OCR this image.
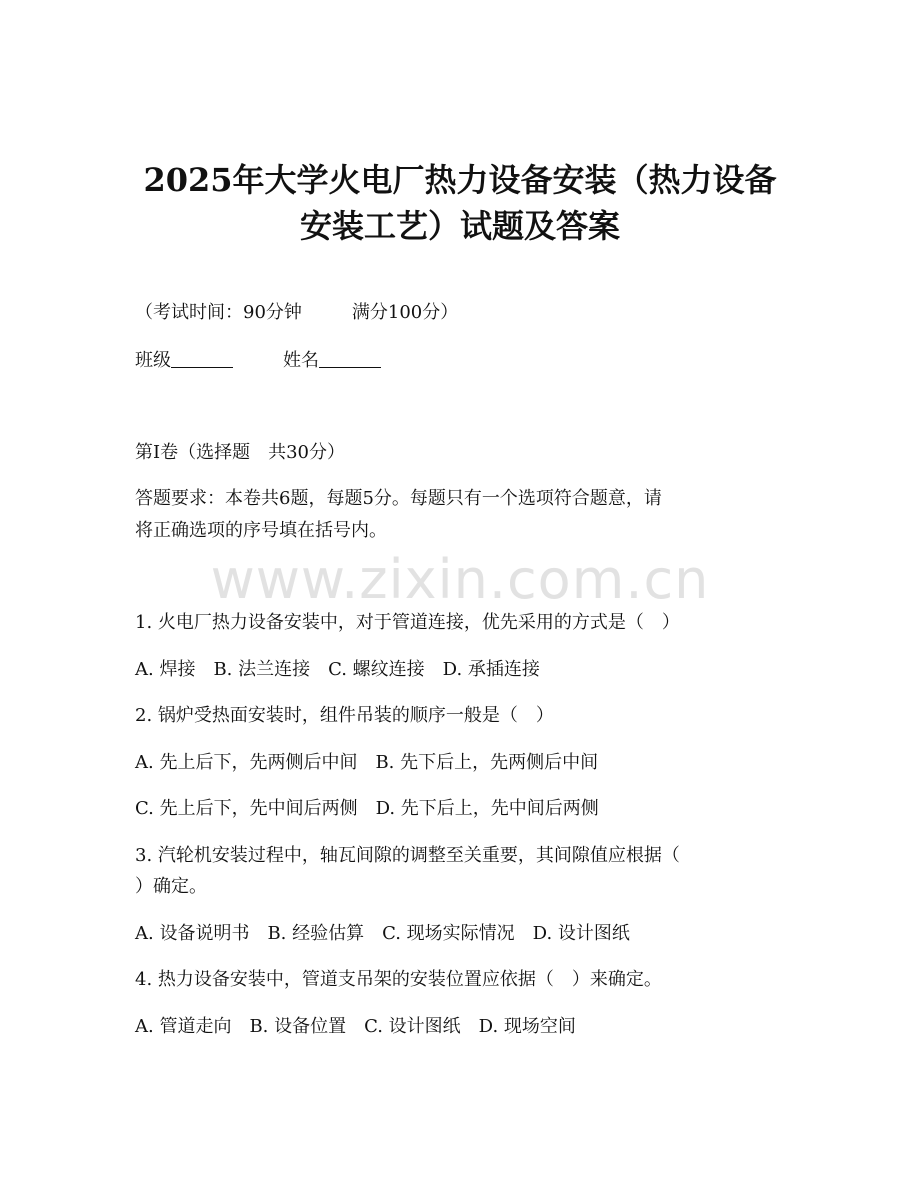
2025年大学火电厂热力设备安装（热力设备
安装工艺）试题及答案
（考试时间：90分钟	满分100分）
班级	姓名
第I卷（选择题　共30分）
答题要求：本卷共6题，每题5分。每题只有一个选项符合题意，请
将正确选项的序号填在括号内。
www.zixin.com.cn
1. 火电厂热力设备安装中，对于管道连接，优先采用的方式是（　）
A. 焊接　B. 法兰连接　C. 螺纹连接　D. 承插连接
2. 锅炉受热面安装时，组件吊装的顺序一般是（　）
A. 先上后下，先两侧后中间　B. 先下后上，先两侧后中间
C. 先上后下，先中间后两侧　D. 先下后上，先中间后两侧
3. 汽轮机安装过程中，轴瓦间隙的调整至关重要，其间隙值应根据（
）确定。
A. 设备说明书　B. 经验估算　C. 现场实际情况　D. 设计图纸
4. 热力设备安装中，管道支吊架的安装位置应依据（　）来确定。
A. 管道走向　B. 设备位置　C. 设计图纸　D. 现场空间
